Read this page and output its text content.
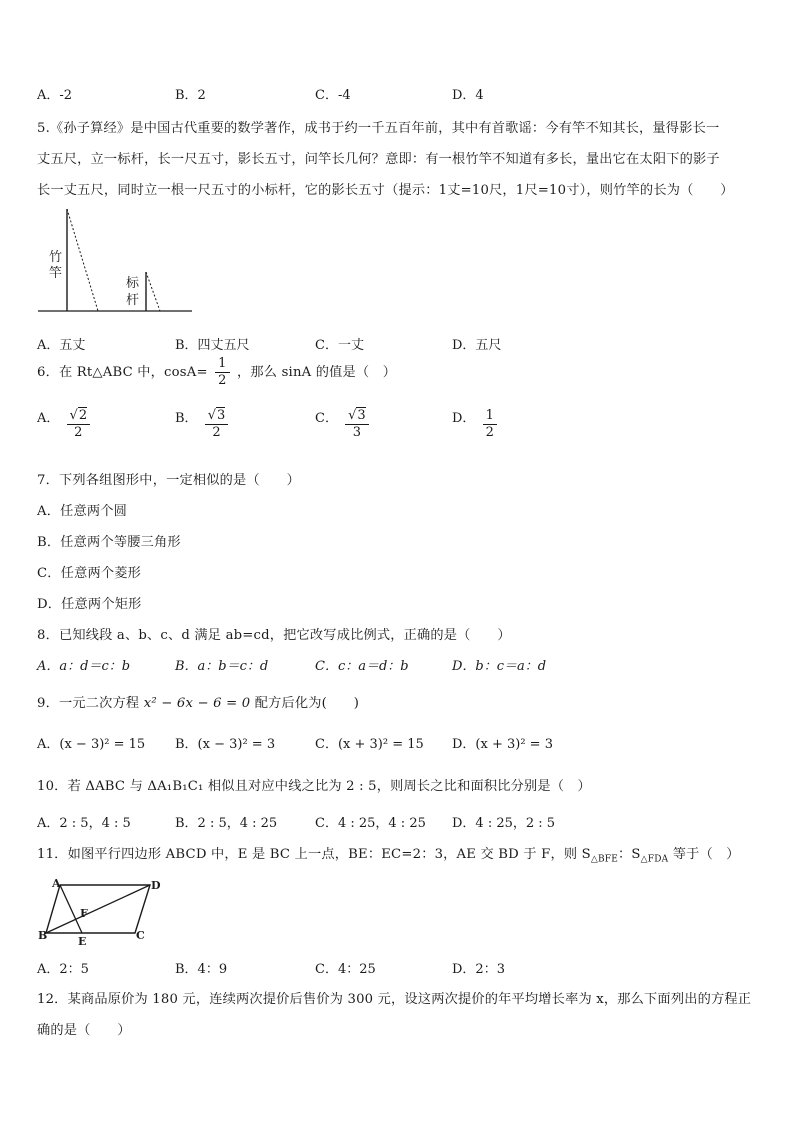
A．-2	B．2	C．-4	D．4
5.《孙子算经》是中国古代重要的数学著作，成书于约一千五百年前，其中有首歌谣：今有竿不知其长，量得影长一
丈五尺，立一标杆，长一尺五寸，影长五寸，问竿长几何？意即：有一根竹竿不知道有多长，量出它在太阳下的影子
长一丈五尺，同时立一根一尺五寸的小标杆，它的影长五寸（提示：1丈=10尺，1尺=10寸），则竹竿的长为（　　）
竹
竿
标
杆
A．五丈	B．四丈五尺	C．一丈	D．五尺
6．在 Rt△ABC 中，$\cos A= \frac{1}{2}$ ，那么 sinA 的值是（　）
A． $\frac{√2}{2}$	B． $\frac{√3}{2}$	C． $\frac{√3}{3}$	D． $\frac{1}{2}$
7．下列各组图形中，一定相似的是（　　）
A．任意两个圆
B．任意两个等腰三角形
C．任意两个菱形
D．任意两个矩形
8．已知线段 a、b、c、d 满足 ab=cd，把它改写成比例式，正确的是（　　）
A．a：d＝c：b	B．a：b＝c：d	C．c：a＝d：b	D．b：c＝a：d
9．一元二次方程 x² − 6x − 6 = 0 配方后化为(　　)
A．(x − 3)² = 15 B．(x − 3)² = 3	C．(x + 3)² = 15 D．(x + 3)² = 3
10．若 ΔABC 与 ΔA₁B₁C₁ 相似且对应中线之比为 2 : 5，则周长之比和面积比分别是（　）
A．2 : 5，4 : 5	B．2 : 5，4 : 25	C．4 : 25，4 : 25 D．4 : 25，2 : 5
11．如图平行四边形 ABCD 中，E 是 BC 上一点，BE：EC=2：3，AE 交 BD 于 F，则 $S_{\triangle BFE}$：$S_{\triangle FDA}$ 等于（　）
A	D
B	C
E
F
A．2：5	B．4：9	C．4：25	D．2：3
12．某商品原价为 180 元，连续两次提价后售价为 300 元，设这两次提价的年平均增长率为 x，那么下面列出的方程正
确的是（　　）
